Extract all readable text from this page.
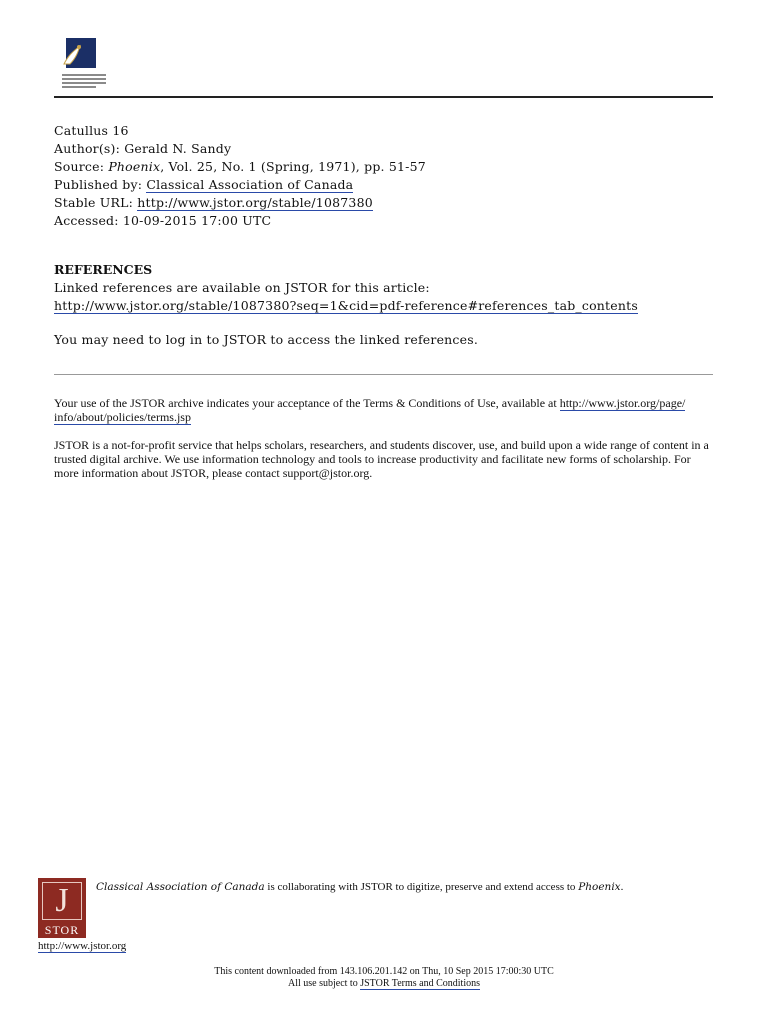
Catullus 16
Author(s): Gerald N. Sandy
Source: Phoenix, Vol. 25, No. 1 (Spring, 1971), pp. 51-57
Published by: Classical Association of Canada
Stable URL: http://www.jstor.org/stable/1087380
Accessed: 10-09-2015 17:00 UTC
REFERENCES
Linked references are available on JSTOR for this article:
http://www.jstor.org/stable/1087380?seq=1&cid=pdf-reference#references_tab_contents
You may need to log in to JSTOR to access the linked references.
Your use of the JSTOR archive indicates your acceptance of the Terms & Conditions of Use, available at http://www.jstor.org/page/
info/about/policies/terms.jsp
JSTOR is a not-for-profit service that helps scholars, researchers, and students discover, use, and build upon a wide range of content in a trusted digital archive. We use information technology and tools to increase productivity and facilitate new forms of scholarship. For more information about JSTOR, please contact support@jstor.org.
J
STOR
Classical Association of Canada is collaborating with JSTOR to digitize, preserve and extend access to Phoenix.
http://www.jstor.org
This content downloaded from 143.106.201.142 on Thu, 10 Sep 2015 17:00:30 UTC
All use subject to JSTOR Terms and Conditions
